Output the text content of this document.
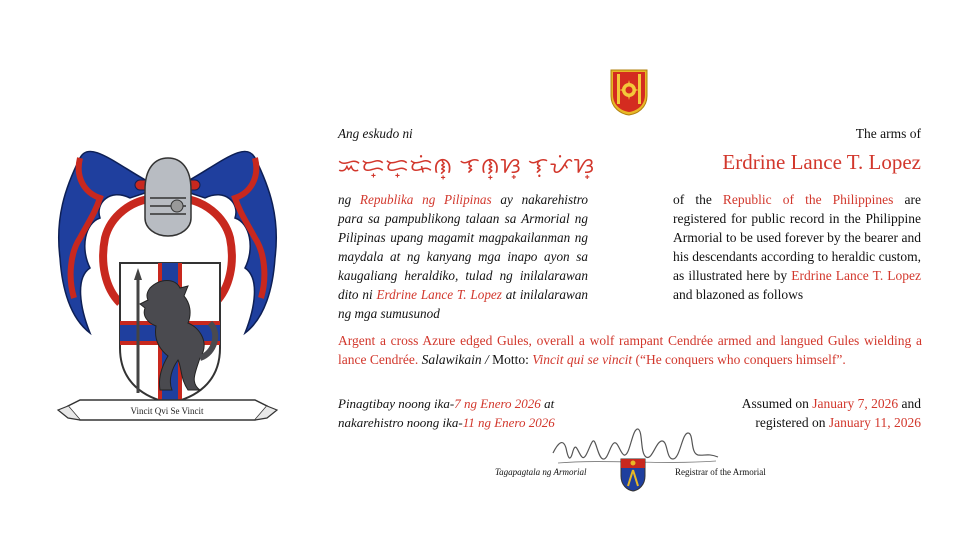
Vincit Qvi Se Vincit
Ang eskudo ni
ᜁᜇ᜔ᜇ᜔ᜍᜒᜈ᜔ ᜎᜈ᜔ᜐ᜔ ᜎᜓᜉᜒᜐ᜔
ng Republika ng Pilipinas ay nakarehistro para sa pampublikong talaan sa Armorial ng Pilipinas upang magamit magpakailanman ng maydala at ng kanyang mga inapo ayon sa kaugaliang heraldiko, tulad ng inilalarawan dito ni Erdrine Lance T. Lopez at inilalarawan ng mga sumusunod
The arms of
Erdrine Lance T. Lopez
of the Republic of the Philippines are registered for public record in the Philippine Armorial to be used forever by the bearer and his descendants according to heraldic custom, as illustrated here by Erdrine Lance T. Lopez and blazoned as follows
Argent a cross Azure edged Gules, overall a wolf rampant Cendrée armed and langued Gules wielding a lance Cendrée. Salawikain / Motto: Vincit qui se vincit (“He conquers who conquers himself”.
Pinagtibay noong ika-7 ng Enero 2026 at
nakarehistro noong ika-11 ng Enero 2026
Assumed on January 7, 2026 and
registered on January 11, 2026
Tagapagtala ng Armorial	Registrar of the Armorial
